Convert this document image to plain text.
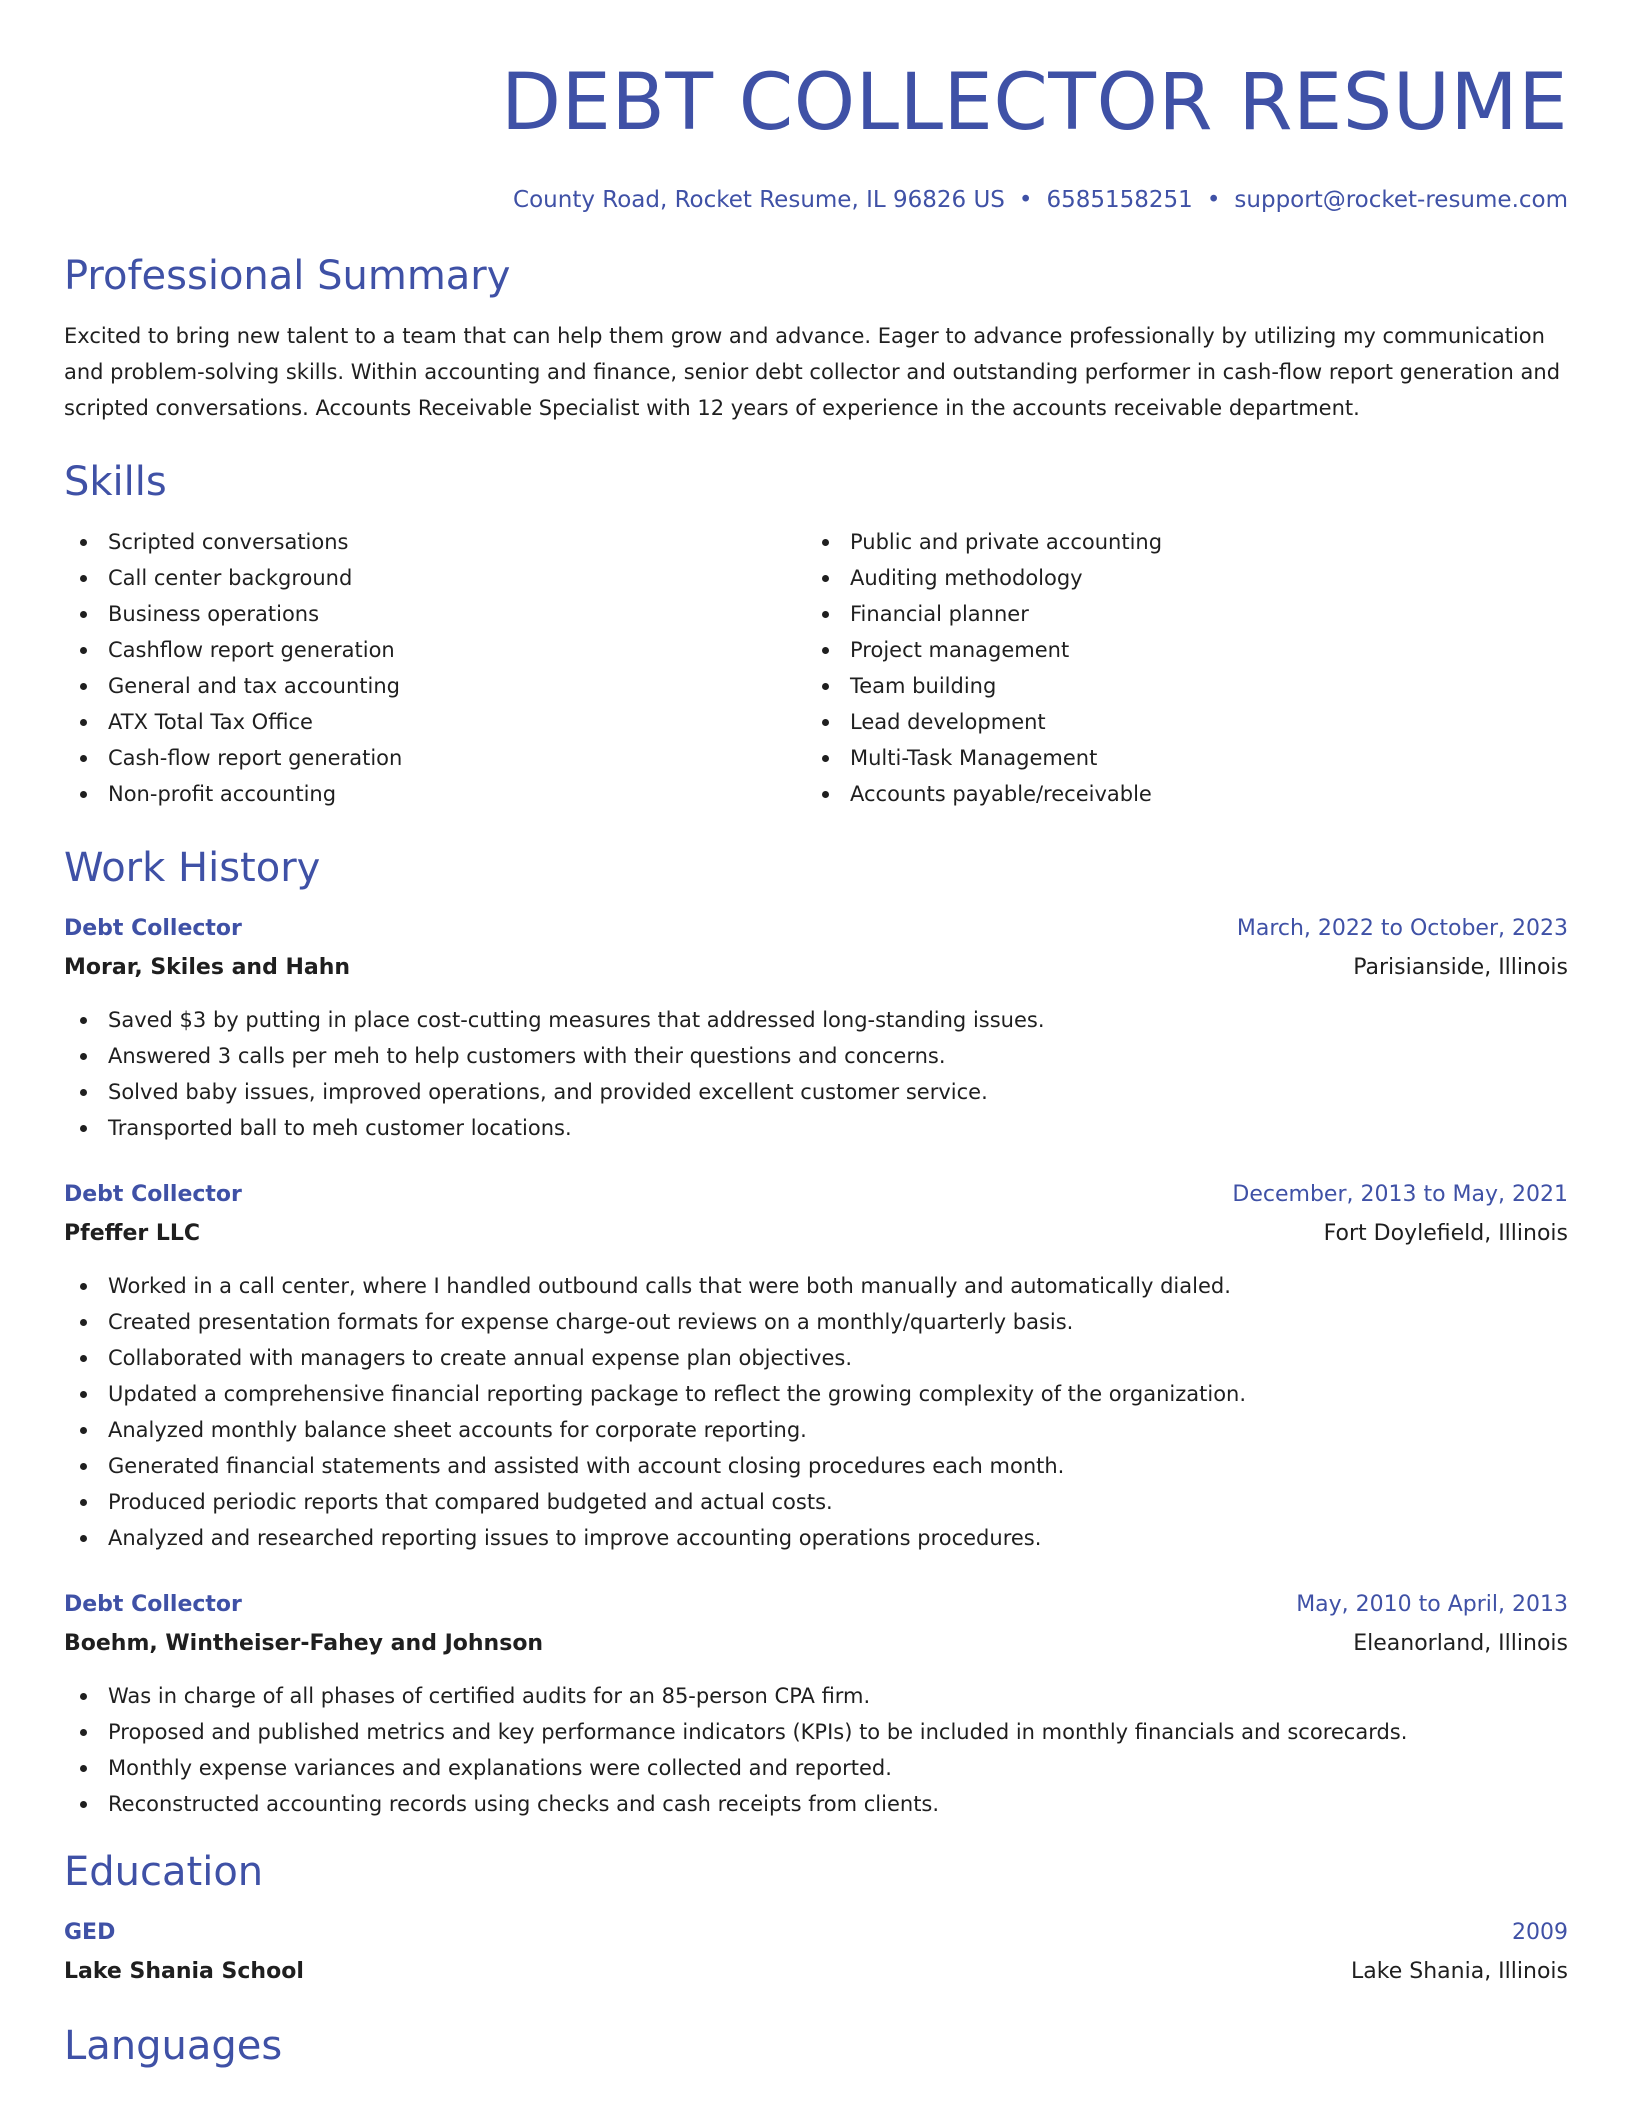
DEBT COLLECTOR RESUME
County Road, Rocket Resume, IL 96826 US • 6585158251 • support@rocket-resume.com
Professional Summary

Excited to bring new talent to a team that can help them grow and advance. Eager to advance professionally by utilizing my communication and problem-solving skills. Within accounting and finance, senior debt collector and outstanding performer in cash-flow report generation and scripted conversations. Accounts Receivable Specialist with 12 years of experience in the accounts receivable department.

Skills
Scripted conversations
Call center background
Business operations
Cashflow report generation
General and tax accounting
ATX Total Tax Office
Cash-flow report generation
Non-profit accounting
Public and private accounting
Auditing methodology
Financial planner
Project management
Team building
Lead development
Multi-Task Management
Accounts payable/receivable
Work History
Debt Collector	March, 2022 to October, 2023
Morar, Skiles and Hahn	Parisianside, Illinois
Saved $3 by putting in place cost-cutting measures that addressed long-standing issues.
Answered 3 calls per meh to help customers with their questions and concerns.
Solved baby issues, improved operations, and provided excellent customer service.
Transported ball to meh customer locations.
Debt Collector	December, 2013 to May, 2021
Pfeffer LLC	Fort Doylefield, Illinois
Worked in a call center, where I handled outbound calls that were both manually and automatically dialed.
Created presentation formats for expense charge-out reviews on a monthly/quarterly basis.
Collaborated with managers to create annual expense plan objectives.
Updated a comprehensive financial reporting package to reflect the growing complexity of the organization.
Analyzed monthly balance sheet accounts for corporate reporting.
Generated financial statements and assisted with account closing procedures each month.
Produced periodic reports that compared budgeted and actual costs.
Analyzed and researched reporting issues to improve accounting operations procedures.
Debt Collector	May, 2010 to April, 2013
Boehm, Wintheiser-Fahey and Johnson	Eleanorland, Illinois
Was in charge of all phases of certified audits for an 85-person CPA firm.
Proposed and published metrics and key performance indicators (KPIs) to be included in monthly financials and scorecards.
Monthly expense variances and explanations were collected and reported.
Reconstructed accounting records using checks and cash receipts from clients.
Education
GED	2009
Lake Shania School	Lake Shania, Illinois
Languages
